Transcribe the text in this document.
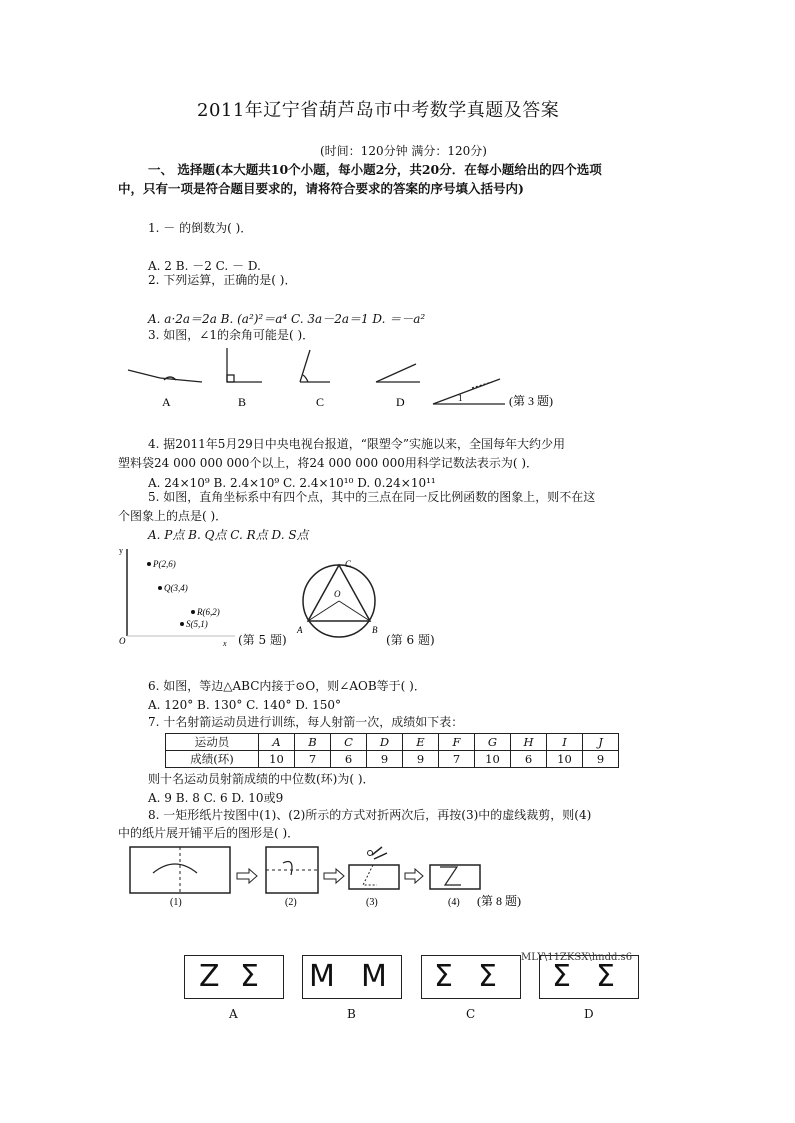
2011年辽宁省葫芦岛市中考数学真题及答案
(时间：120分钟 满分：120分)
一、 选择题(本大题共10个小题，每小题2分，共20分．在每小题给出的四个选项
中，只有一项是符合题目要求的，请将符合要求的答案的序号填入括号内)
1. － 的倒数为( )．
A. 2 B. －2 C. － D.
2. 下列运算，正确的是( )．
A. a·2a＝2a B. (a²)²＝a⁴ C. 3a－2a＝1 D. ＝－a²
3. 如图，∠1的余角可能是( )．
A	B	C	D	1	(第 3 题)
4. 据2011年5月29日中央电视台报道，“限塑令”实施以来，全国每年大约少用
塑料袋24 000 000 000个以上，将24 000 000 000用科学记数法表示为( )．
A. 24×10⁹ B. 2.4×10⁹ C. 2.4×10¹⁰ D. 0.24×10¹¹
5. 如图，直角坐标系中有四个点，其中的三点在同一反比例函数的图象上，则不在这
个图象上的点是( )．
A. P点 B. Q点 C. R点 D. S点
y
x
O
P(2,6)
Q(3,4)
R(6,2)
S(5,1)
(第 5 题)
O
C
A	B
(第 6 题)
6. 如图，等边△ABC内接于⊙O，则∠AOB等于( )．
A. 120° B. 130° C. 140° D. 150°
7. 十名射箭运动员进行训练，每人射箭一次，成绩如下表：
运动员	A	B	C	D	E	F	G	H	I	J
成绩(环)	10	7	6	9	9	7	10	6	10	9
则十名运动员射箭成绩的中位数(环)为( )．
A. 9 B. 8 C. 6 D. 10或9
8. 一矩形纸片按图中(1)、(2)所示的方式对折两次后，再按(3)中的虚线裁剪，则(4)
中的纸片展开铺平后的图形是( )．
(1)	(2)	(3)	(4) (第 8 题)
Z Σ M M Σ Ʃ Ʃ Σ
MLY\11ZKSX\hndd.s6
A	B	C	D
